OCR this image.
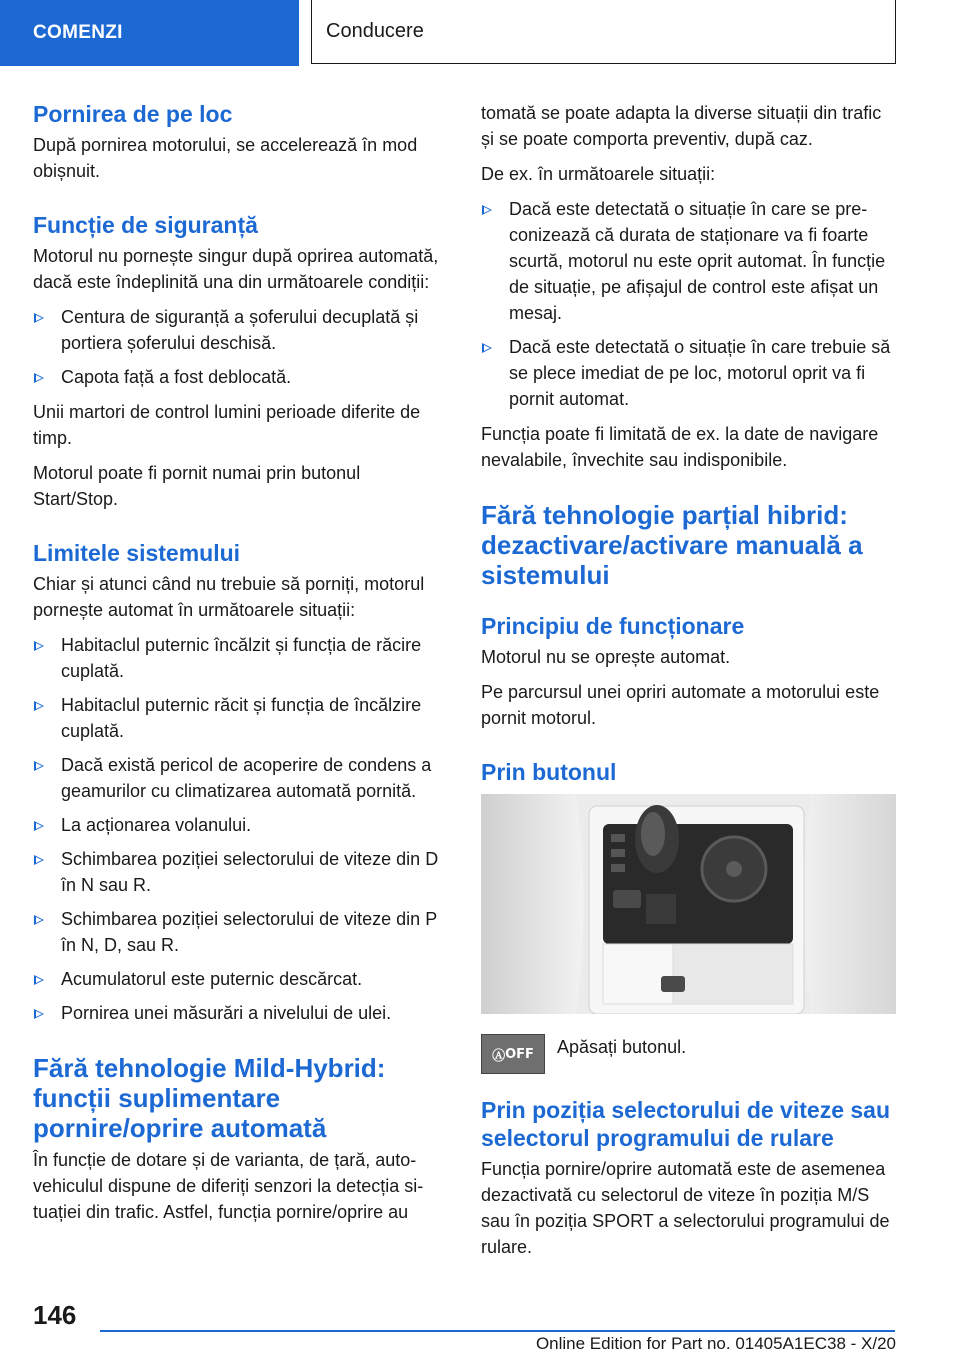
COMENZI	Conducere
Pornirea de pe loc

După pornirea motorului, se accelerează în mod obișnuit.

Funcție de siguranță

Motorul nu pornește singur după oprirea automată, dacă este îndeplinită una din următoarele condiții:

Centura de siguranță a șoferului decuplată și portiera șoferului deschisă.
Capota față a fost deblocată.

Unii martori de control lumini perioade diferite de timp.

Motorul poate fi pornit numai prin butonul Start/Stop.

Limitele sistemului

Chiar și atunci când nu trebuie să porniți, motorul pornește automat în următoarele situații:

Habitaclul puternic încălzit și funcția de răcire cuplată.
Habitaclul puternic răcit și funcția de încălzire cuplată.
Dacă există pericol de acoperire de condens a geamurilor cu climatizarea automată pornită.
La acționarea volanului.
Schimbarea poziției selectorului de viteze din D în N sau R.
Schimbarea poziției selectorului de viteze din P în N, D, sau R.
Acumulatorul este puternic descărcat.
Pornirea unei măsurări a nivelului de ulei.
Fără tehnologie Mild-Hybrid: funcții suplimentare pornire/oprire automată

În funcție de dotare și de varianta, de țară, autovehiculul dispune de diferiți senzori la detecția situației din trafic. Astfel, funcția pornire/oprire au

tomată se poate adapta la diverse situații din trafic și se poate comporta preventiv, după caz.

De ex. în următoarele situații:

Dacă este detectată o situație în care se preconizează că durata de staționare va fi foarte scurtă, motorul nu este oprit automat. În funcție de situație, pe afișajul de control este afișat un mesaj.
Dacă este detectată o situație în care trebuie să se plece imediat de pe loc, motorul oprit va fi pornit automat.

Funcția poate fi limitată de ex. la date de navigare nevalabile, învechite sau indisponibile.

Fără tehnologie parțial hibrid: dezactivare/activare manuală a sistemului
Principiu de funcționare

Motorul nu se oprește automat.

Pe parcursul unei opriri automate a motorului este pornit motorul.

Prin butonul
Ⓐ OFF Apăsați butonul.

Prin poziția selectorului de viteze sau selectorul programului de rulare

Funcția pornire/oprire automată este de asemenea dezactivată cu selectorul de viteze în poziția M/S sau în poziția SPORT a selectorului programului de rulare.

146
Online Edition for Part no. 01405A1EC38 - X/20
